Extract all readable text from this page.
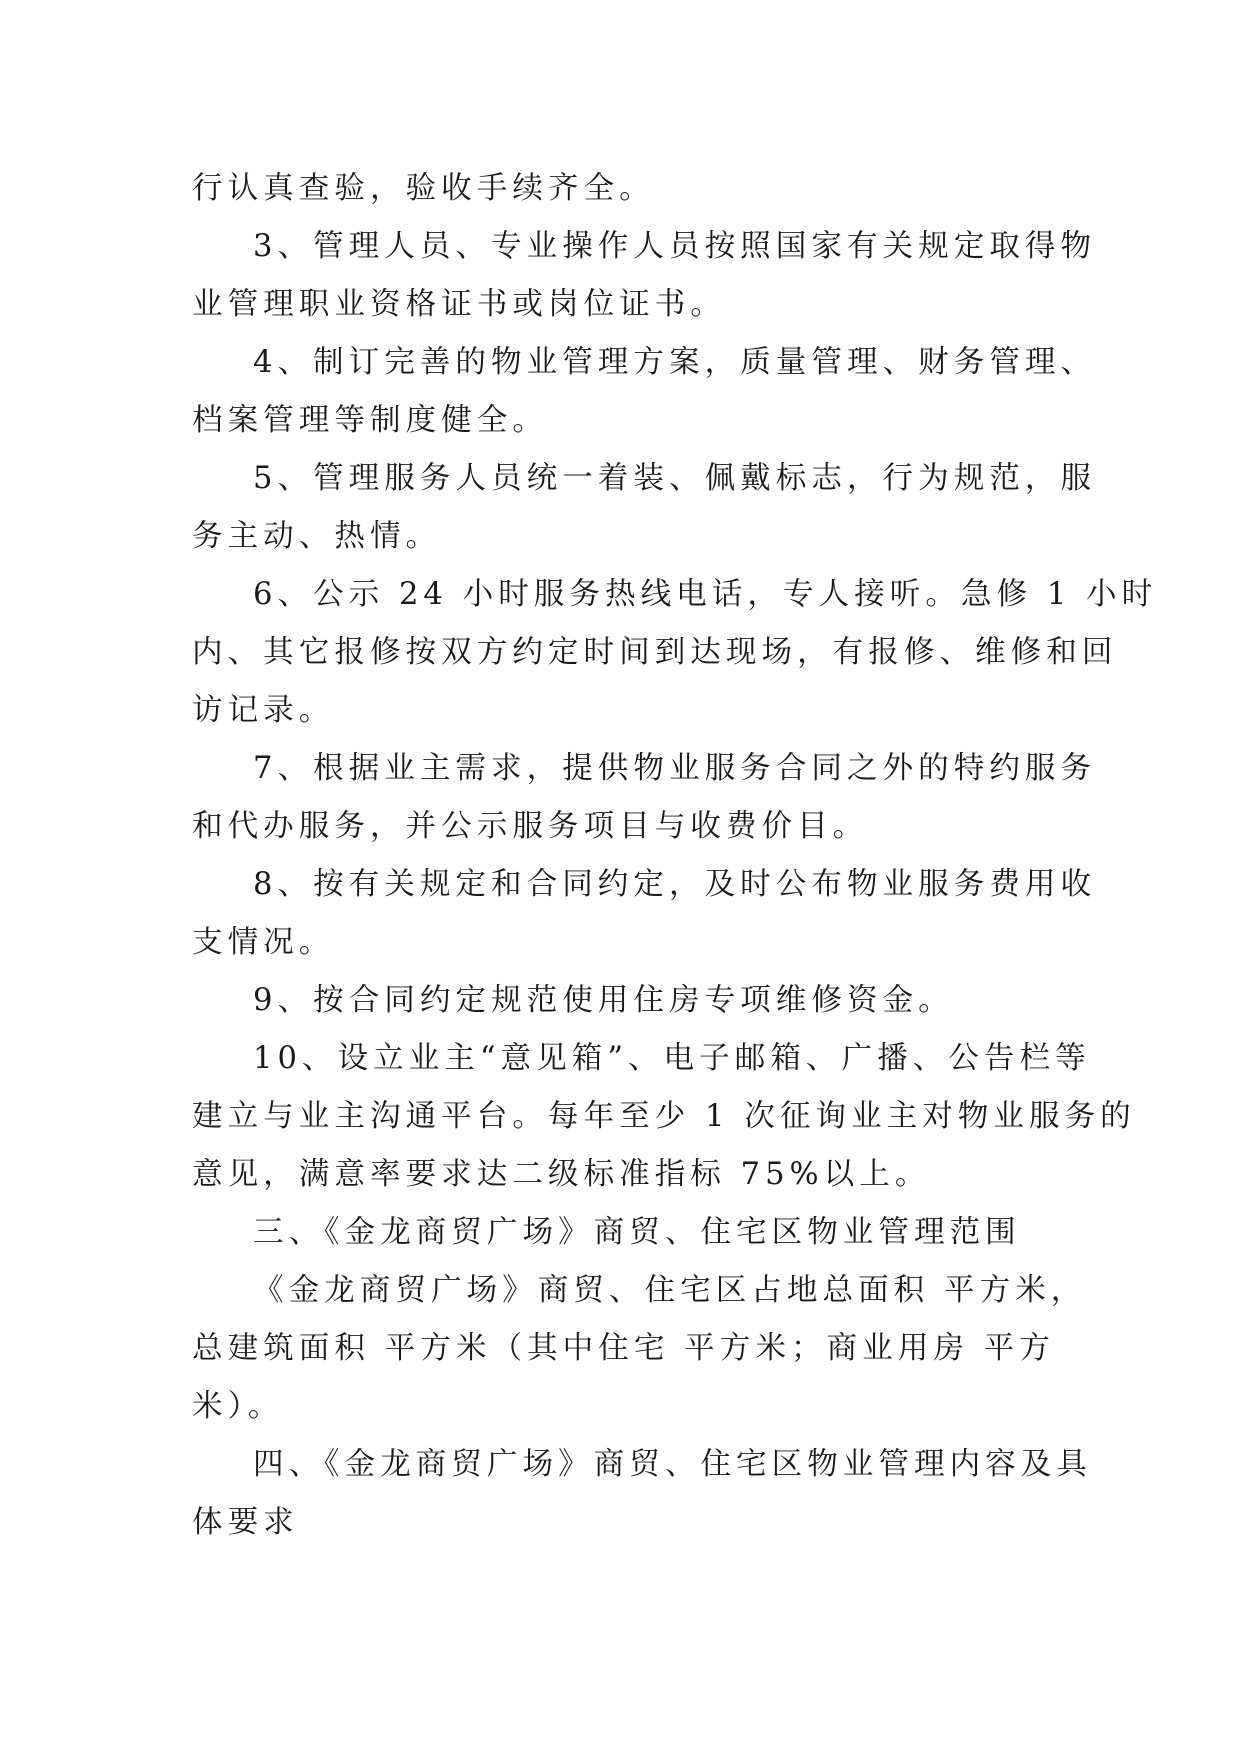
行认真查验，验收手续齐全。
3、管理人员、专业操作人员按照国家有关规定取得物
业管理职业资格证书或岗位证书。
4、制订完善的物业管理方案，质量管理、财务管理、
档案管理等制度健全。
5、管理服务人员统一着装、佩戴标志，行为规范，服
务主动、热情。
6、公示 24 小时服务热线电话，专人接听。急修 1 小时
内、其它报修按双方约定时间到达现场，有报修、维修和回
访记录。
7、根据业主需求，提供物业服务合同之外的特约服务
和代办服务，并公示服务项目与收费价目。
8、按有关规定和合同约定，及时公布物业服务费用收
支情况。
9、按合同约定规范使用住房专项维修资金。
10、设立业主“意见箱”、电子邮箱、广播、公告栏等
建立与业主沟通平台。每年至少 1 次征询业主对物业服务的
意见，满意率要求达二级标准指标 75%以上。
三、《金龙商贸广场》商贸、住宅区物业管理范围
《金龙商贸广场》商贸、住宅区占地总面积 平方米，
总建筑面积 平方米（其中住宅 平方米；商业用房 平方
米）。
四、《金龙商贸广场》商贸、住宅区物业管理内容及具
体要求
